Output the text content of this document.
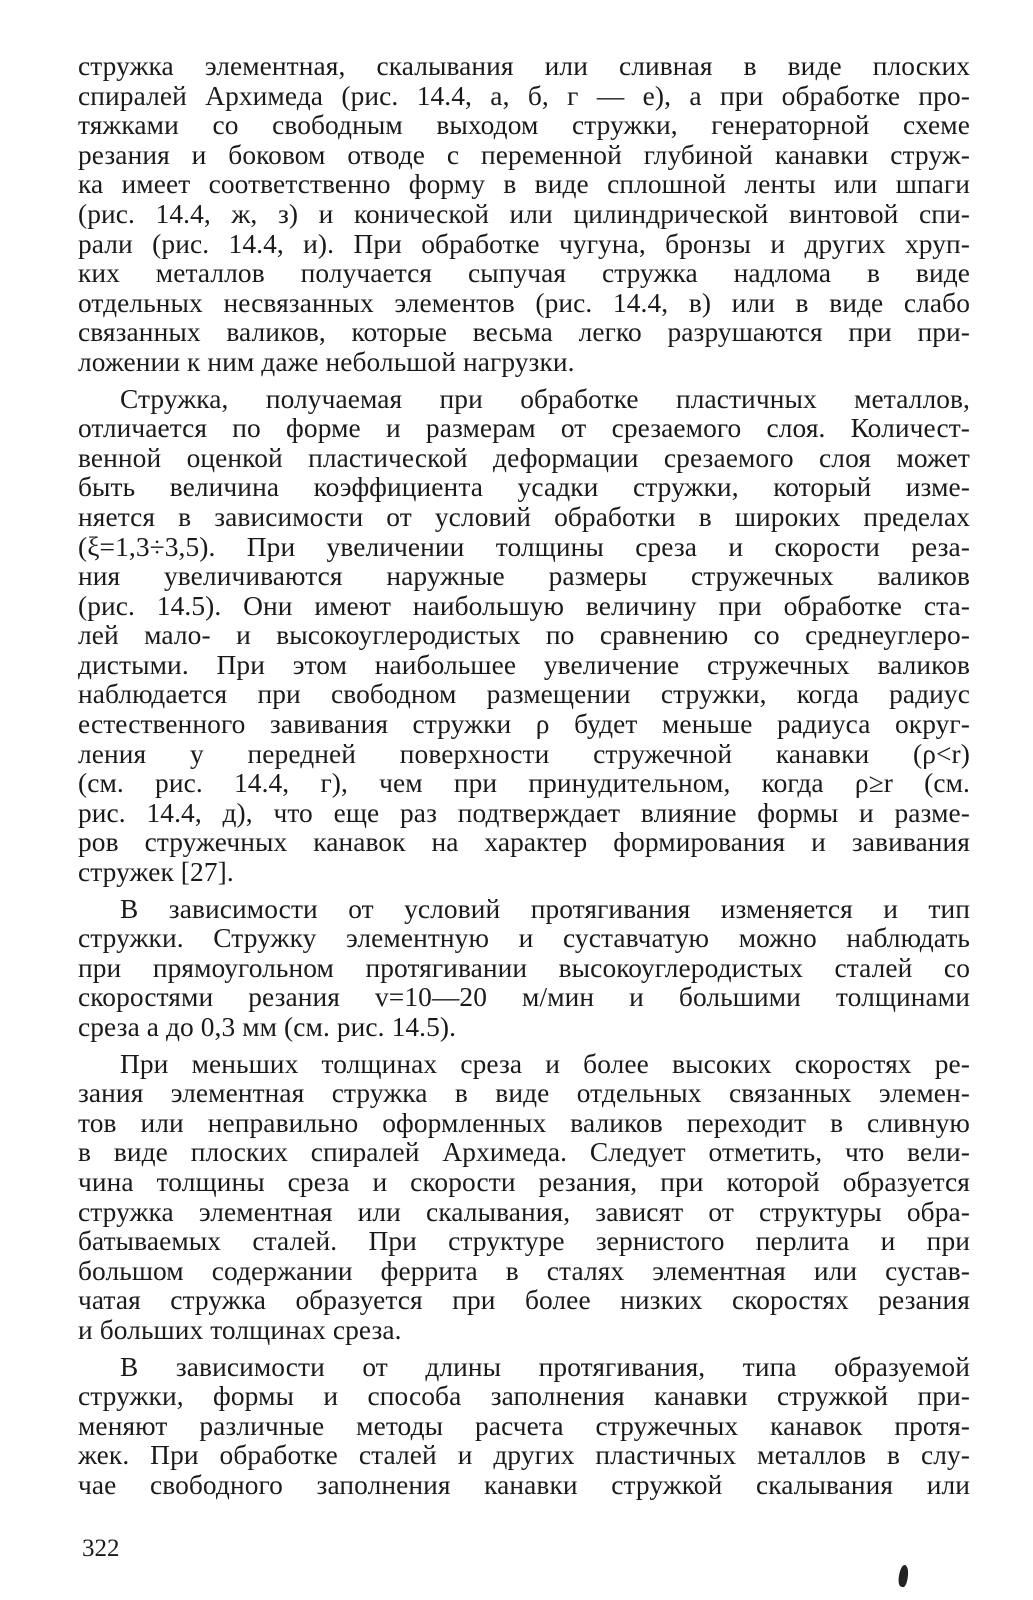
стружка элементная, скалывания или сливная в виде плоских
спиралей Архимеда (рис. 14.4, а, б, г — е), а при обработке про-
тяжками со свободным выходом стружки, генераторной схеме
резания и боковом отводе с переменной глубиной канавки струж-
ка имеет соответственно форму в виде сплошной ленты или шпаги
(рис. 14.4, ж, з) и конической или цилиндрической винтовой спи-
рали (рис. 14.4, и). При обработке чугуна, бронзы и других хруп-
ких металлов получается сыпучая стружка надлома в виде
отдельных несвязанных элементов (рис. 14.4, в) или в виде слабо
связанных валиков, которые весьма легко разрушаются при при-
ложении к ним даже небольшой нагрузки.

Стружка, получаемая при обработке пластичных металлов,
отличается по форме и размерам от срезаемого слоя. Количест-
венной оценкой пластической деформации срезаемого слоя может
быть величина коэффициента усадки стружки, который изме-
няется в зависимости от условий обработки в широких пределах
(ξ=1,3÷3,5). При увеличении толщины среза и скорости реза-
ния увеличиваются наружные размеры стружечных валиков
(рис. 14.5). Они имеют наибольшую величину при обработке ста-
лей мало- и высокоуглеродистых по сравнению со среднеуглеро-
дистыми. При этом наибольшее увеличение стружечных валиков
наблюдается при свободном размещении стружки, когда радиус
естественного завивания стружки ρ будет меньше радиуса округ-
ления у передней поверхности стружечной канавки (ρ<r)
(см. рис. 14.4, г), чем при принудительном, когда ρ≥r (см.
рис. 14.4, д), что еще раз подтверждает влияние формы и разме-
ров стружечных канавок на характер формирования и завивания
стружек [27].

В зависимости от условий протягивания изменяется и тип
стружки. Стружку элементную и суставчатую можно наблюдать
при прямоугольном протягивании высокоуглеродистых сталей со
скоростями резания v=10—20 м/мин и большими толщинами
среза а до 0,3 мм (см. рис. 14.5).

При меньших толщинах среза и более высоких скоростях ре-
зания элементная стружка в виде отдельных связанных элемен-
тов или неправильно оформленных валиков переходит в сливную
в виде плоских спиралей Архимеда. Следует отметить, что вели-
чина толщины среза и скорости резания, при которой образуется
стружка элементная или скалывания, зависят от структуры обра-
батываемых сталей. При структуре зернистого перлита и при
большом содержании феррита в сталях элементная или сустав-
чатая стружка образуется при более низких скоростях резания
и больших толщинах среза.

В зависимости от длины протягивания, типа образуемой
стружки, формы и способа заполнения канавки стружкой при-
меняют различные методы расчета стружечных канавок протя-
жек. При обработке сталей и других пластичных металлов в слу-
чае свободного заполнения канавки стружкой скалывания или

322
